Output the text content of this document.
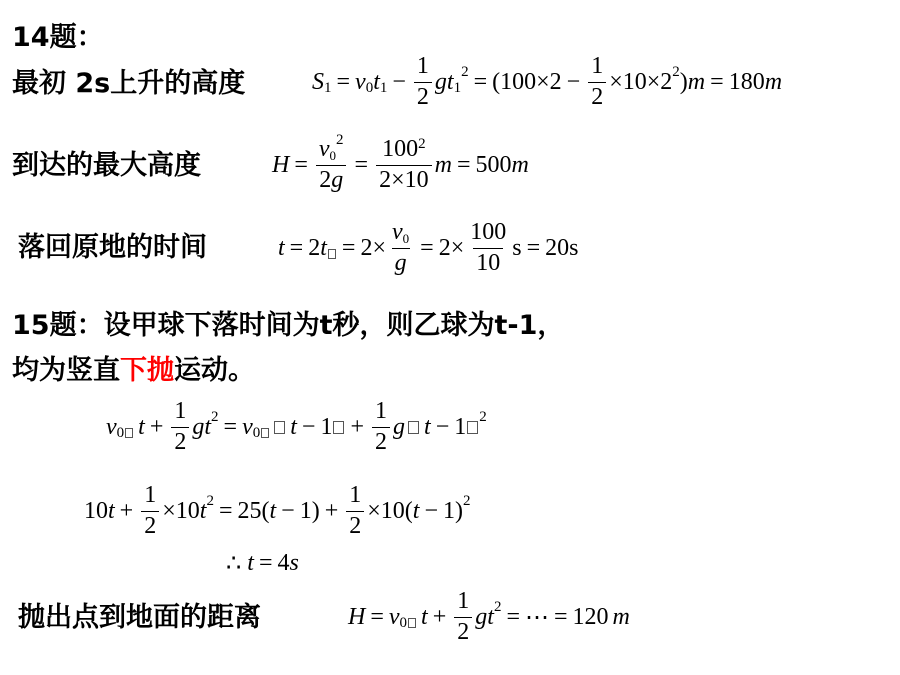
14题：
最初 2s上升的高度	S 1 = v 0 t $1 - \frac{1}{2}$ gt 1
$2 = (100\times 2 - \frac{1}{2} \times 10\times 2$ 2 ) m = 180 m
到达的最大高度	$H = \frac{v0^2}{2g} = \frac{100^2}{2\times 10}$ m = 500 m
落回原地的时间	t = 2 $t = 2\times \frac{v0}{g} = 2\times \frac{100}{10}$ s = 20s
15题：设甲球下落时间为t秒，则乙球为t-1，
均为竖直下抛运动。
v 0 $t + \frac{1}{2}$ gt 2 = v 0 $t - 1 + \frac{1}{2}$ g t − 1 2
10 $t + \frac{1}{2} \times 10$ t 2 = 25( $t - 1) + \frac{1}{2} \times 10$( t − 1) 2
∴ t = 4 s
抛出点到地面的距离	H = v 0 $t + \frac{1}{2}$ gt 2 = ⋯ = 120 m
